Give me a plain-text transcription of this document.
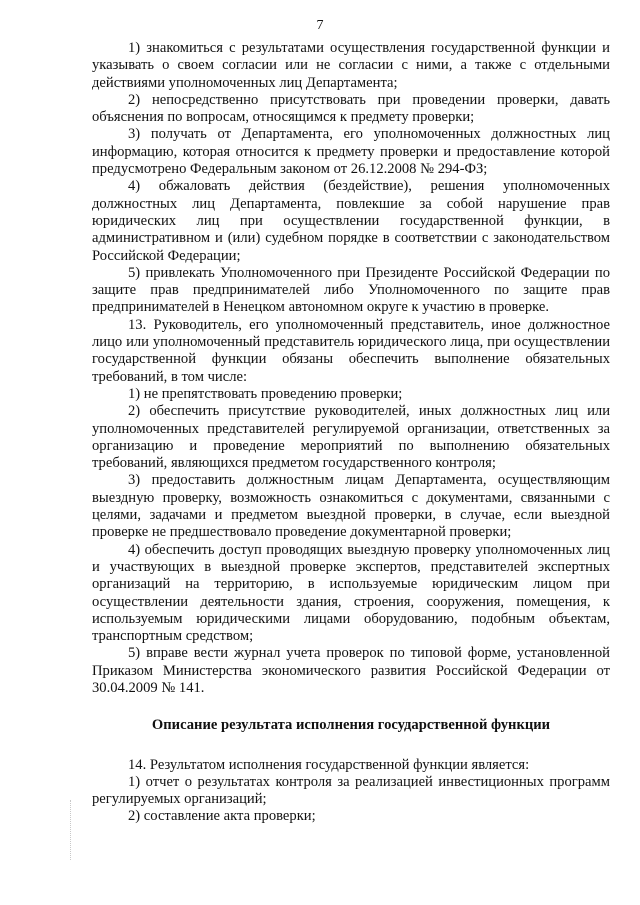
7

1) знакомиться с результатами осуществления государственной функции и указывать о своем согласии или не согласии с ними, а также с отдельными действиями уполномоченных лиц Департамента;

2) непосредственно присутствовать при проведении проверки, давать объяснения по вопросам, относящимся к предмету проверки;

3) получать от Департамента, его уполномоченных должностных лиц информацию, которая относится к предмету проверки и предоставление которой предусмотрено Федеральным законом от 26.12.2008 № 294-ФЗ;

4) обжаловать действия (бездействие), решения уполномоченных должностных лиц Департамента, повлекшие за собой нарушение прав юридических лиц при осуществлении государственной функции, в административном и (или) судебном порядке в соответствии с законодательством Российской Федерации;

5) привлекать Уполномоченного при Президенте Российской Федерации по защите прав предпринимателей либо Уполномоченного по защите прав предпринимателей в Ненецком автономном округе к участию в проверке.

13. Руководитель, его уполномоченный представитель, иное должностное лицо или уполномоченный представитель юридического лица, при осуществлении государственной функции обязаны обеспечить выполнение обязательных требований, в том числе:

1) не препятствовать проведению проверки;

2) обеспечить присутствие руководителей, иных должностных лиц или уполномоченных представителей регулируемой организации, ответственных за организацию и проведение мероприятий по выполнению обязательных требований, являющихся предметом государственного контроля;

3) предоставить должностным лицам Департамента, осуществляющим выездную проверку, возможность ознакомиться с документами, связанными с целями, задачами и предметом выездной проверки, в случае, если выездной проверке не предшествовало проведение документарной проверки;

4) обеспечить доступ проводящих выездную проверку уполномоченных лиц и участвующих в выездной проверке экспертов, представителей экспертных организаций на территорию, в используемые юридическим лицом при осуществлении деятельности здания, строения, сооружения, помещения, к используемым юридическими лицами оборудованию, подобным объектам, транспортным средством;

5) вправе вести журнал учета проверок по типовой форме, установленной Приказом Министерства экономического развития Российской Федерации от 30.04.2009 № 141.

Описание результата исполнения государственной функции

14. Результатом исполнения государственной функции является:

1) отчет о результатах контроля за реализацией инвестиционных программ регулируемых организаций;

2) составление акта проверки;
